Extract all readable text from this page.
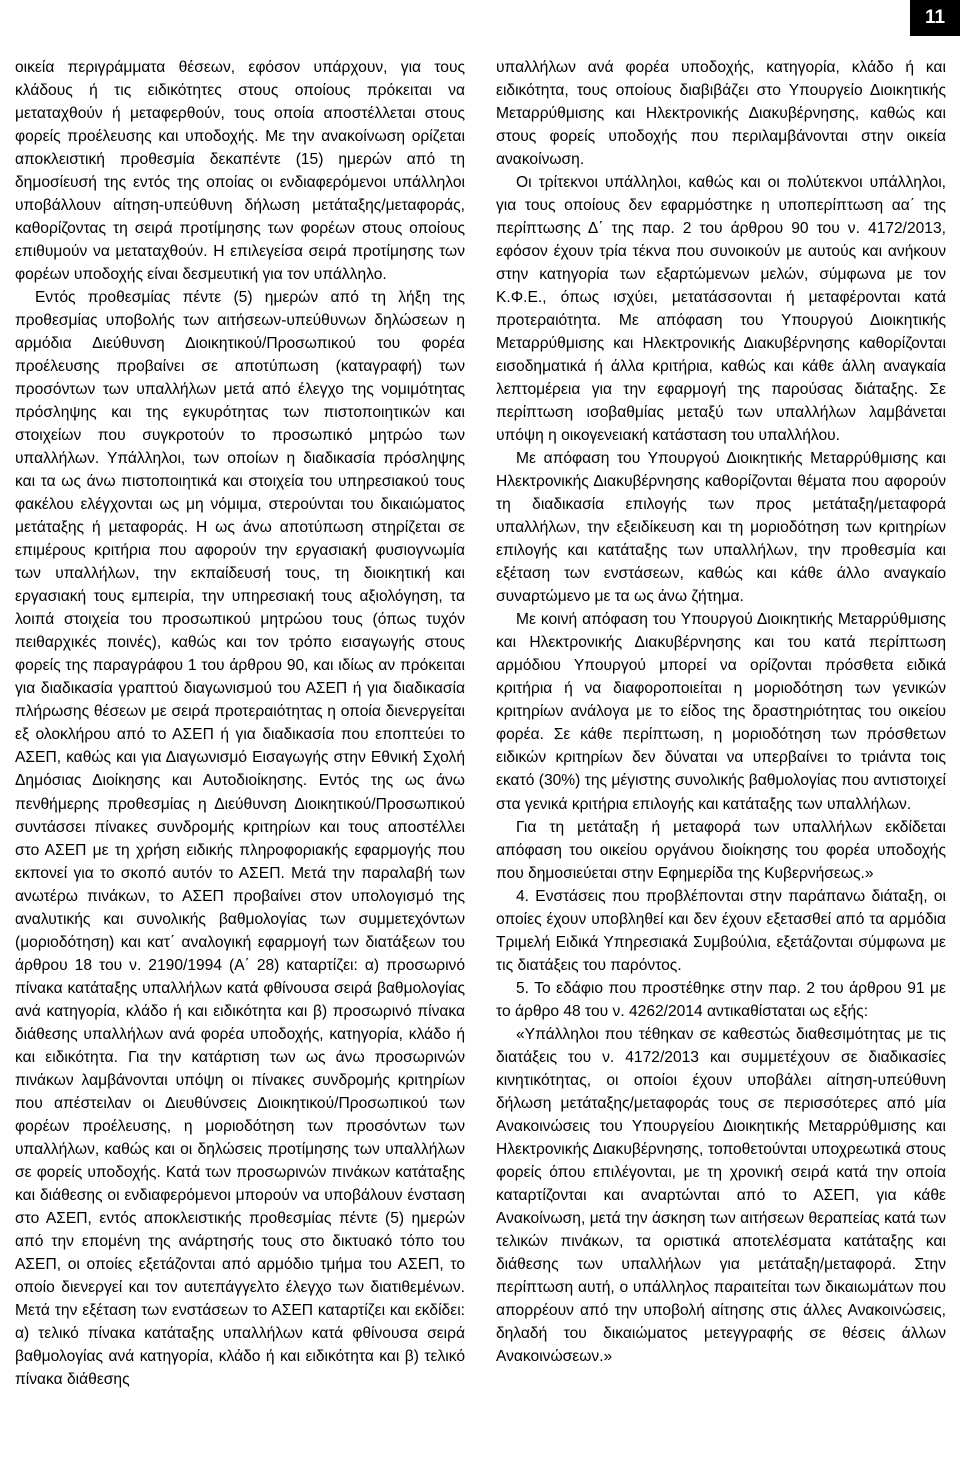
11

οικεία περιγράμματα θέσεων, εφόσον υπάρχουν, για τους κλάδους ή τις ειδικότητες στους οποίους πρόκειται να μεταταχθούν ή μεταφερθούν, τους οποία αποστέλλεται στους φορείς προέλευσης και υποδοχής. Με την ανακοίνωση ορίζεται αποκλειστική προθεσμία δεκαπέντε (15) ημερών από τη δημοσίευσή της εντός της οποίας οι ενδιαφερόμενοι υπάλληλοι υποβάλλουν αίτηση-υπεύθυνη δήλωση μετάταξης/μεταφοράς, καθορίζοντας τη σειρά προτίμησης των φορέων στους οποίους επιθυμούν να μεταταχθούν. Η επιλεγείσα σειρά προτίμησης των φορέων υποδοχής είναι δεσμευτική για τον υπάλληλο.

Εντός προθεσμίας πέντε (5) ημερών από τη λήξη της προθεσμίας υποβολής των αιτήσεων-υπεύθυνων δηλώσεων η αρμόδια Διεύθυνση Διοικητικού/Προσωπικού του φορέα προέλευσης προβαίνει σε αποτύπωση (καταγραφή) των προσόντων των υπαλλήλων μετά από έλεγχο της νομιμότητας πρόσληψης και της εγκυρότητας των πιστοποιητικών και στοιχείων που συγκροτούν το προσωπικό μητρώο των υπαλλήλων. Υπάλληλοι, των οποίων η διαδικασία πρόσληψης και τα ως άνω πιστοποιητικά και στοιχεία του υπηρεσιακού τους φακέλου ελέγχονται ως μη νόμιμα, στερούνται του δικαιώματος μετάταξης ή μεταφοράς. Η ως άνω αποτύπωση στηρίζεται σε επιμέρους κριτήρια που αφορούν την εργασιακή φυσιογνωμία των υπαλλήλων, την εκπαίδευσή τους, τη διοικητική και εργασιακή τους εμπειρία, την υπηρεσιακή τους αξιολόγηση, τα λοιπά στοιχεία του προσωπικού μητρώου τους (όπως τυχόν πειθαρχικές ποινές), καθώς και τον τρόπο εισαγωγής στους φορείς της παραγράφου 1 του άρθρου 90, και ιδίως αν πρόκειται για διαδικασία γραπτού διαγωνισμού του ΑΣΕΠ ή για διαδικασία πλήρωσης θέσεων με σειρά προτεραιότητας η οποία διενεργείται εξ ολοκλήρου από το ΑΣΕΠ ή για διαδικασία που εποπτεύει το ΑΣΕΠ, καθώς και για Διαγωνισμό Εισαγωγής στην Εθνική Σχολή Δημόσιας Διοίκησης και Αυτοδιοίκησης. Εντός της ως άνω πενθήμερης προθεσμίας η Διεύθυνση Διοικητικού/Προσωπικού συντάσσει πίνακες συνδρομής κριτηρίων και τους αποστέλλει στο ΑΣΕΠ με τη χρήση ειδικής πληροφοριακής εφαρμογής που εκπονεί για το σκοπό αυτόν το ΑΣΕΠ. Μετά την παραλαβή των ανωτέρω πινάκων, το ΑΣΕΠ προβαίνει στον υπολογισμό της αναλυτικής και συνολικής βαθμολογίας των συμμετεχόντων (μοριοδότηση) και κατ΄ αναλογική εφαρμογή των διατάξεων του άρθρου 18 του ν. 2190/1994 (Α΄ 28) καταρτίζει: α) προσωρινό πίνακα κατάταξης υπαλλήλων κατά φθίνουσα σειρά βαθμολογίας ανά κατηγορία, κλάδο ή και ειδικότητα και β) προσωρινό πίνακα διάθεσης υπαλλήλων ανά φορέα υποδοχής, κατηγορία, κλάδο ή και ειδικότητα. Για την κατάρτιση των ως άνω προσωρινών πινάκων λαμβάνονται υπόψη οι πίνακες συνδρομής κριτηρίων που απέστειλαν οι Διευθύνσεις Διοικητικού/Προσωπικού των φορέων προέλευσης, η μοριοδότηση των προσόντων των υπαλλήλων, καθώς και οι δηλώσεις προτίμησης των υπαλλήλων σε φορείς υποδοχής. Κατά των προσωρινών πινάκων κατάταξης και διάθεσης οι ενδιαφερόμενοι μπορούν να υποβάλουν ένσταση στο ΑΣΕΠ, εντός αποκλειστικής προθεσμίας πέντε (5) ημερών από την επομένη της ανάρτησής τους στο δικτυακό τόπο του ΑΣΕΠ, οι οποίες εξετάζονται από αρμόδιο τμήμα του ΑΣΕΠ, το οποίο διενεργεί και τον αυτεπάγγελτο έλεγχο των διατιθεμένων. Μετά την εξέταση των ενστάσεων το ΑΣΕΠ καταρτίζει και εκδίδει: α) τελικό πίνακα κατάταξης υπαλλήλων κατά φθίνουσα σειρά βαθμολογίας ανά κατηγορία, κλάδο ή και ειδικότητα και β) τελικό πίνακα διάθεσης

υπαλλήλων ανά φορέα υποδοχής, κατηγορία, κλάδο ή και ειδικότητα, τους οποίους διαβιβάζει στο Υπουργείο Διοικητικής Μεταρρύθμισης και Ηλεκτρονικής Διακυβέρνησης, καθώς και στους φορείς υποδοχής που περιλαμβάνονται στην οικεία ανακοίνωση.

Οι τρίτεκνοι υπάλληλοι, καθώς και οι πολύτεκνοι υπάλληλοι, για τους οποίους δεν εφαρμόστηκε η υποπερίπτωση αα΄ της περίπτωσης Δ΄ της παρ. 2 του άρθρου 90 του ν. 4172/2013, εφόσον έχουν τρία τέκνα που συνοικούν με αυτούς και ανήκουν στην κατηγορία των εξαρτώμενων μελών, σύμφωνα με τον Κ.Φ.Ε., όπως ισχύει, μετατάσσονται ή μεταφέρονται κατά προτεραιότητα. Με απόφαση του Υπουργού Διοικητικής Μεταρρύθμισης και Ηλεκτρονικής Διακυβέρνησης καθορίζονται εισοδηματικά ή άλλα κριτήρια, καθώς και κάθε άλλη αναγκαία λεπτομέρεια για την εφαρμογή της παρούσας διάταξης. Σε περίπτωση ισοβαθμίας μεταξύ των υπαλλήλων λαμβάνεται υπόψη η οικογενειακή κατάσταση του υπαλλήλου.

Με απόφαση του Υπουργού Διοικητικής Μεταρρύθμισης και Ηλεκτρονικής Διακυβέρνησης καθορίζονται θέματα που αφορούν τη διαδικασία επιλογής των προς μετάταξη/μεταφορά υπαλλήλων, την εξειδίκευση και τη μοριοδότηση των κριτηρίων επιλογής και κατάταξης των υπαλλήλων, την προθεσμία και εξέταση των ενστάσεων, καθώς και κάθε άλλο αναγκαίο συναρτώμενο με τα ως άνω ζήτημα.

Με κοινή απόφαση του Υπουργού Διοικητικής Μεταρρύθμισης και Ηλεκτρονικής Διακυβέρνησης και του κατά περίπτωση αρμόδιου Υπουργού μπορεί να ορίζονται πρόσθετα ειδικά κριτήρια ή να διαφοροποιείται η μοριοδότηση των γενικών κριτηρίων ανάλογα με το είδος της δραστηριότητας του οικείου φορέα. Σε κάθε περίπτωση, η μοριοδότηση των πρόσθετων ειδικών κριτηρίων δεν δύναται να υπερβαίνει το τριάντα τοις εκατό (30%) της μέγιστης συνολικής βαθμολογίας που αντιστοιχεί στα γενικά κριτήρια επιλογής και κατάταξης των υπαλλήλων.

Για τη μετάταξη ή μεταφορά των υπαλλήλων εκδίδεται απόφαση του οικείου οργάνου διοίκησης του φορέα υποδοχής που δημοσιεύεται στην Εφημερίδα της Κυβερνήσεως.»

4. Ενστάσεις που προβλέπονται στην παράπανω διάταξη, οι οποίες έχουν υποβληθεί και δεν έχουν εξετασθεί από τα αρμόδια Τριμελή Ειδικά Υπηρεσιακά Συμβούλια, εξετάζονται σύμφωνα με τις διατάξεις του παρόντος.

5. Το εδάφιο που προστέθηκε στην παρ. 2 του άρθρου 91 με το άρθρο 48 του ν. 4262/2014 αντικαθίσταται ως εξής:

«Υπάλληλοι που τέθηκαν σε καθεστώς διαθεσιμότητας με τις διατάξεις του ν. 4172/2013 και συμμετέχουν σε διαδικασίες κινητικότητας, οι οποίοι έχουν υποβάλει αίτηση-υπεύθυνη δήλωση μετάταξης/μεταφοράς τους σε περισσότερες από μία Ανακοινώσεις του Υπουργείου Διοικητικής Μεταρρύθμισης και Ηλεκτρονικής Διακυβέρνησης, τοποθετούνται υποχρεωτικά στους φορείς όπου επιλέγονται, με τη χρονική σειρά κατά την οποία καταρτίζονται και αναρτώνται από το ΑΣΕΠ, για κάθε Ανακοίνωση, μετά την άσκηση των αιτήσεων θεραπείας κατά των τελικών πινάκων, τα οριστικά αποτελέσματα κατάταξης και διάθεσης των υπαλλήλων για μετάταξη/μεταφορά. Στην περίπτωση αυτή, ο υπάλληλος παραιτείται των δικαιωμάτων που απορρέουν από την υποβολή αίτησης στις άλλες Ανακοινώσεις, δηλαδή του δικαιώματος μετεγγραφής σε θέσεις άλλων Ανακοινώσεων.»
